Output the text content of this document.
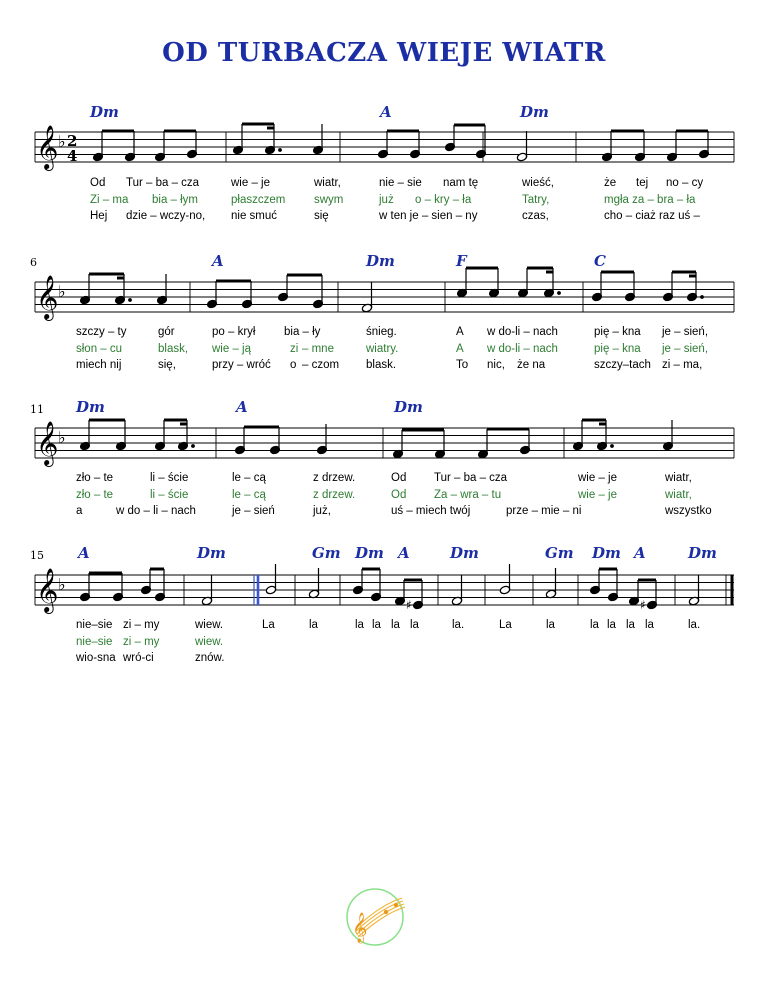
OD TURBACZA WIEJE WIATR
𝄞 ♭ 2
4
Dm	A	Dm
Od Tur – ba – cza	wie – je	wiatr,	nie – sie nam tę	wieść,	że tej no – cy
Zi – ma bia – łym	płaszczem swym	już o – kry – ła	Tatry,	mgła za – bra – ła
Hej dzie – wczy-no, nie smuć	się	w ten je – sien – ny	czas,	cho – ciaż raz uś –
6
𝄞 ♭
A	Dm	F	C
szczy – ty	gór	po – krył bia – ły	śnieg.	A w do-li – nach	pię – kna je – sień,
słon – cu	blask, wie – ją	zi – mne	wiatry.	A w do-li – nach	pię – kna je – sień,
miech nij	się,	przy – wróć o – czom blask.	To nic, że na	szczy–tach zi – ma,
11
𝄞 ♭
Dm	A	Dm
zło – te	li – ście	le – cą	z drzew.	Od Tur – ba – cza	wie – je	wiatr,
zło – te	li – ście	le – cą	z drzew.	Od Za – wra – tu	wie – je	wiatr,
a	w do – li – nach	je – sień	już,	uś – miech twój	prze – mie – ni	wszystko
15
𝄞 ♭
♯	♯
A	Dm	Gm Dm A	Dm	Gm Dm A	Dm
nie–sie zi – my	wiew.	La	la	la la la la	la.	La	la	la la la la	la.
nie–sie zi – my	wiew.
wio-sna wró-ci	znów.
𝄞
